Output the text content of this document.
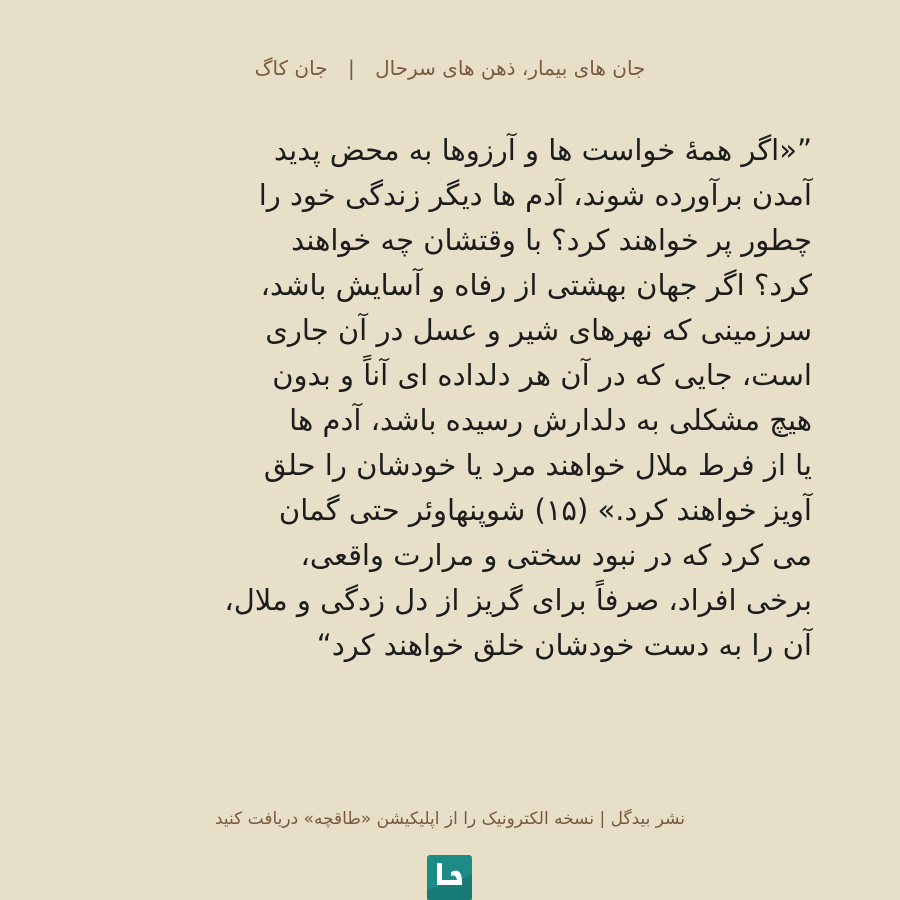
جان های بیمار، ذهن های سرحال | جان کاگ

”«اگر همهٔ خواست ها و آرزوها به محض پدید
آمدن برآورده شوند، آدم ها دیگر زندگی خود را
چطور پر خواهند کرد؟ با وقتشان چه خواهند
کرد؟ اگر جهان بهشتی از رفاه و آسایش باشد،
سرزمینی که نهرهای شیر و عسل در آن جاری
است، جایی که در آن هر دلداده ای آناً و بدون
هیچ مشکلی به دلدارش رسیده باشد، آدم ها
یا از فرط ملال خواهند مرد یا خودشان را حلق
آویز خواهند کرد.» (۱۵) شوپنهاوئر حتی گمان
می کرد که در نبود سختی و مرارت واقعی،
برخی افراد، صرفاً برای گریز از دل زدگی و ملال،
آن را به دست خودشان خلق خواهند کرد“

نشر بیدگل | نسخه الکترونیک را از اپلیکیشن «طاقچه» دریافت کنید
